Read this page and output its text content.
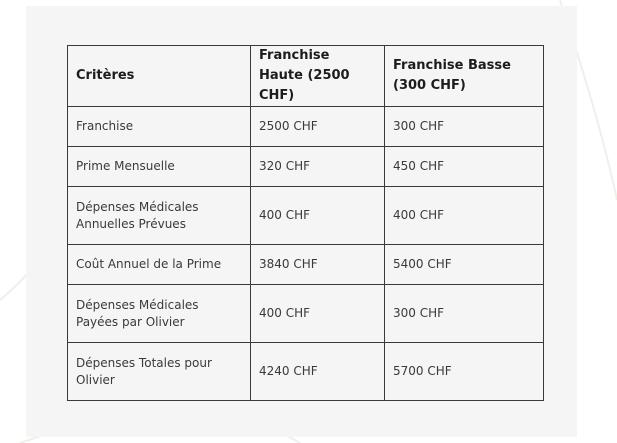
Critères	Franchise Haute (2500 CHF)	Franchise Basse (300 CHF)
Franchise	2500 CHF	300 CHF
Prime Mensuelle	320 CHF	450 CHF
Dépenses Médicales Annuelles Prévues	400 CHF	400 CHF
Coût Annuel de la Prime	3840 CHF	5400 CHF
Dépenses Médicales Payées par Olivier	400 CHF	300 CHF
Dépenses Totales pour Olivier	4240 CHF	5700 CHF
